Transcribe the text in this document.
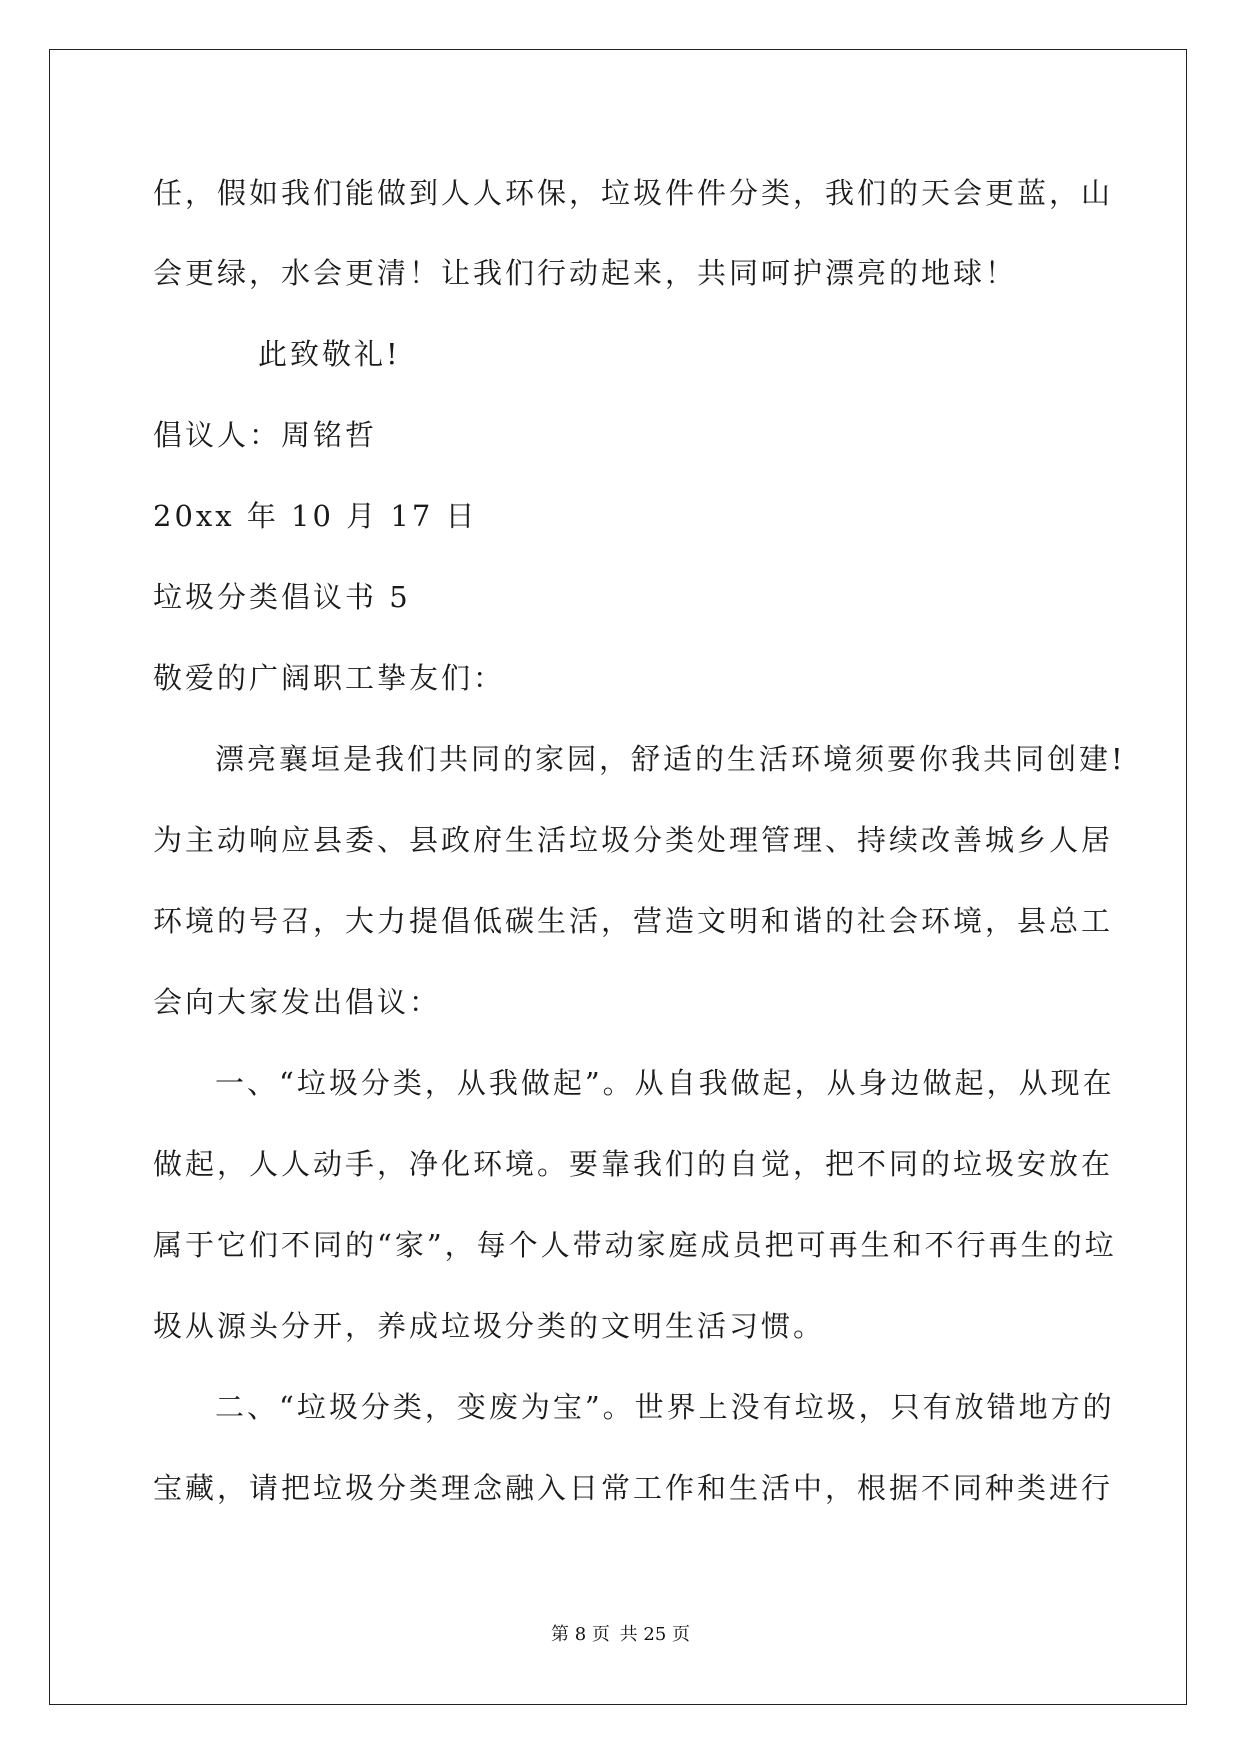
任，假如我们能做到人人环保，垃圾件件分类，我们的天会更蓝，山
会更绿，水会更清！让我们行动起来，共同呵护漂亮的地球！
此致敬礼!
倡议人：周铭哲
20xx 年 10 月 17 日
垃圾分类倡议书 5
敬爱的广阔职工挚友们：
漂亮襄垣是我们共同的家园，舒适的生活环境须要你我共同创建!
为主动响应县委、县政府生活垃圾分类处理管理、持续改善城乡人居
环境的号召，大力提倡低碳生活，营造文明和谐的社会环境，县总工
会向大家发出倡议：
一、“垃圾分类，从我做起”。从自我做起，从身边做起，从现在
做起，人人动手，净化环境。要靠我们的自觉，把不同的垃圾安放在
属于它们不同的“家”，每个人带动家庭成员把可再生和不行再生的垃
圾从源头分开，养成垃圾分类的文明生活习惯。
二、“垃圾分类，变废为宝”。世界上没有垃圾，只有放错地方的
宝藏，请把垃圾分类理念融入日常工作和生活中，根据不同种类进行
第 8 页 共 25 页
